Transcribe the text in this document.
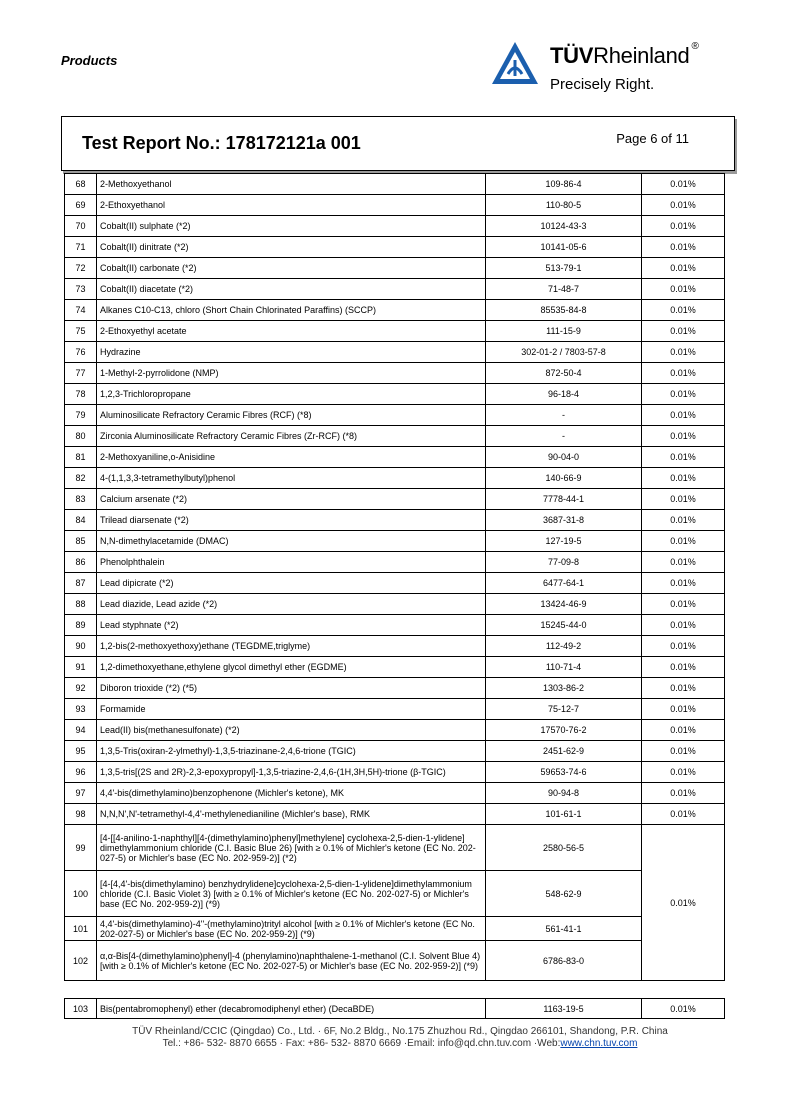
Products	TÜVRheinland ®
Precisely Right.
Test Report No.: 178172121a 001	Page 6 of 11
68	2-Methoxyethanol	109-86-4	0.01%
69	2-Ethoxyethanol	110-80-5	0.01%
70	Cobalt(II) sulphate (*2)	10124-43-3	0.01%
71	Cobalt(II) dinitrate (*2)	10141-05-6	0.01%
72	Cobalt(II) carbonate (*2)	513-79-1	0.01%
73	Cobalt(II) diacetate (*2)	71-48-7	0.01%
74	Alkanes C10-C13, chloro (Short Chain Chlorinated Paraffins) (SCCP)	85535-84-8	0.01%
75	2-Ethoxyethyl acetate	111-15-9	0.01%
76	Hydrazine	302-01-2 / 7803-57-8	0.01%
77	1-Methyl-2-pyrrolidone (NMP)	872-50-4	0.01%
78	1,2,3-Trichloropropane	96-18-4	0.01%
79	Aluminosilicate Refractory Ceramic Fibres (RCF) (*8)	-	0.01%
80	Zirconia Aluminosilicate Refractory Ceramic Fibres (Zr-RCF) (*8)	-	0.01%
81	2-Methoxyaniline,o-Anisidine	90-04-0	0.01%
82	4-(1,1,3,3-tetramethylbutyl)phenol	140-66-9	0.01%
83	Calcium arsenate (*2)	7778-44-1	0.01%
84	Trilead diarsenate (*2)	3687-31-8	0.01%
85	N,N-dimethylacetamide (DMAC)	127-19-5	0.01%
86	Phenolphthalein	77-09-8	0.01%
87	Lead dipicrate (*2)	6477-64-1	0.01%
88	Lead diazide, Lead azide (*2)	13424-46-9	0.01%
89	Lead styphnate (*2)	15245-44-0	0.01%
90	1,2-bis(2-methoxyethoxy)ethane (TEGDME,triglyme)	112-49-2	0.01%
91	1,2-dimethoxyethane,ethylene glycol dimethyl ether (EGDME)	110-71-4	0.01%
92	Diboron trioxide (*2) (*5)	1303-86-2	0.01%
93	Formamide	75-12-7	0.01%
94	Lead(II) bis(methanesulfonate) (*2)	17570-76-2	0.01%
95	1,3,5-Tris(oxiran-2-ylmethyl)-1,3,5-triazinane-2,4,6-trione (TGIC)	2451-62-9	0.01%
96	1,3,5-tris[(2S and 2R)-2,3-epoxypropyl]-1,3,5-triazine-2,4,6-(1H,3H,5H)-trione (β-TGIC)	59653-74-6	0.01%
97	4,4'-bis(dimethylamino)benzophenone (Michler's ketone), MK	90-94-8	0.01%
98	N,N,N',N'-tetramethyl-4,4'-methylenedianiline (Michler's base), RMK	101-61-1	0.01%
99	[4-[[4-anilino-1-naphthyl][4-(dimethylamino)phenyl]methylene] cyclohexa-2,5-dien-1-ylidene] dimethylammonium chloride (C.I. Basic Blue 26) [with ≥ 0.1% of Michler's ketone (EC No. 202-027-5) or Michler's base (EC No. 202-959-2)] (*2)	2580-56-5	0.01%
100	[4-[4,4'-bis(dimethylamino) benzhydrylidene]cyclohexa-2,5-dien-1-ylidene]dimethylammonium chloride (C.I. Basic Violet 3) [with ≥ 0.1% of Michler's ketone (EC No. 202-027-5) or Michler's base (EC No. 202-959-2)] (*9)	548-62-9	
101	4,4'-bis(dimethylamino)-4''-(methylamino)trityl alcohol [with ≥ 0.1% of Michler's ketone (EC No. 202-027-5) or Michler's base (EC No. 202-959-2)] (*9)	561-41-1	
102	α,α-Bis[4-(dimethylamino)phenyl]-4 (phenylamino)naphthalene-1-methanol (C.I. Solvent Blue 4) [with ≥ 0.1% of Michler's ketone (EC No. 202-027-5) or Michler's base (EC No. 202-959-2)] (*9)	6786-83-0	
103	Bis(pentabromophenyl) ether (decabromodiphenyl ether) (DecaBDE)	1163-19-5	0.01%
TÜV Rheinland/CCIC (Qingdao) Co., Ltd. · 6F, No.2 Bldg., No.175 Zhuzhou Rd., Qingdao 266101, Shandong, P.R. China
Tel.: +86- 532- 8870 6655 · Fax: +86- 532- 8870 6669 ·Email: info@qd.chn.tuv.com ·Web:www.chn.tuv.com
